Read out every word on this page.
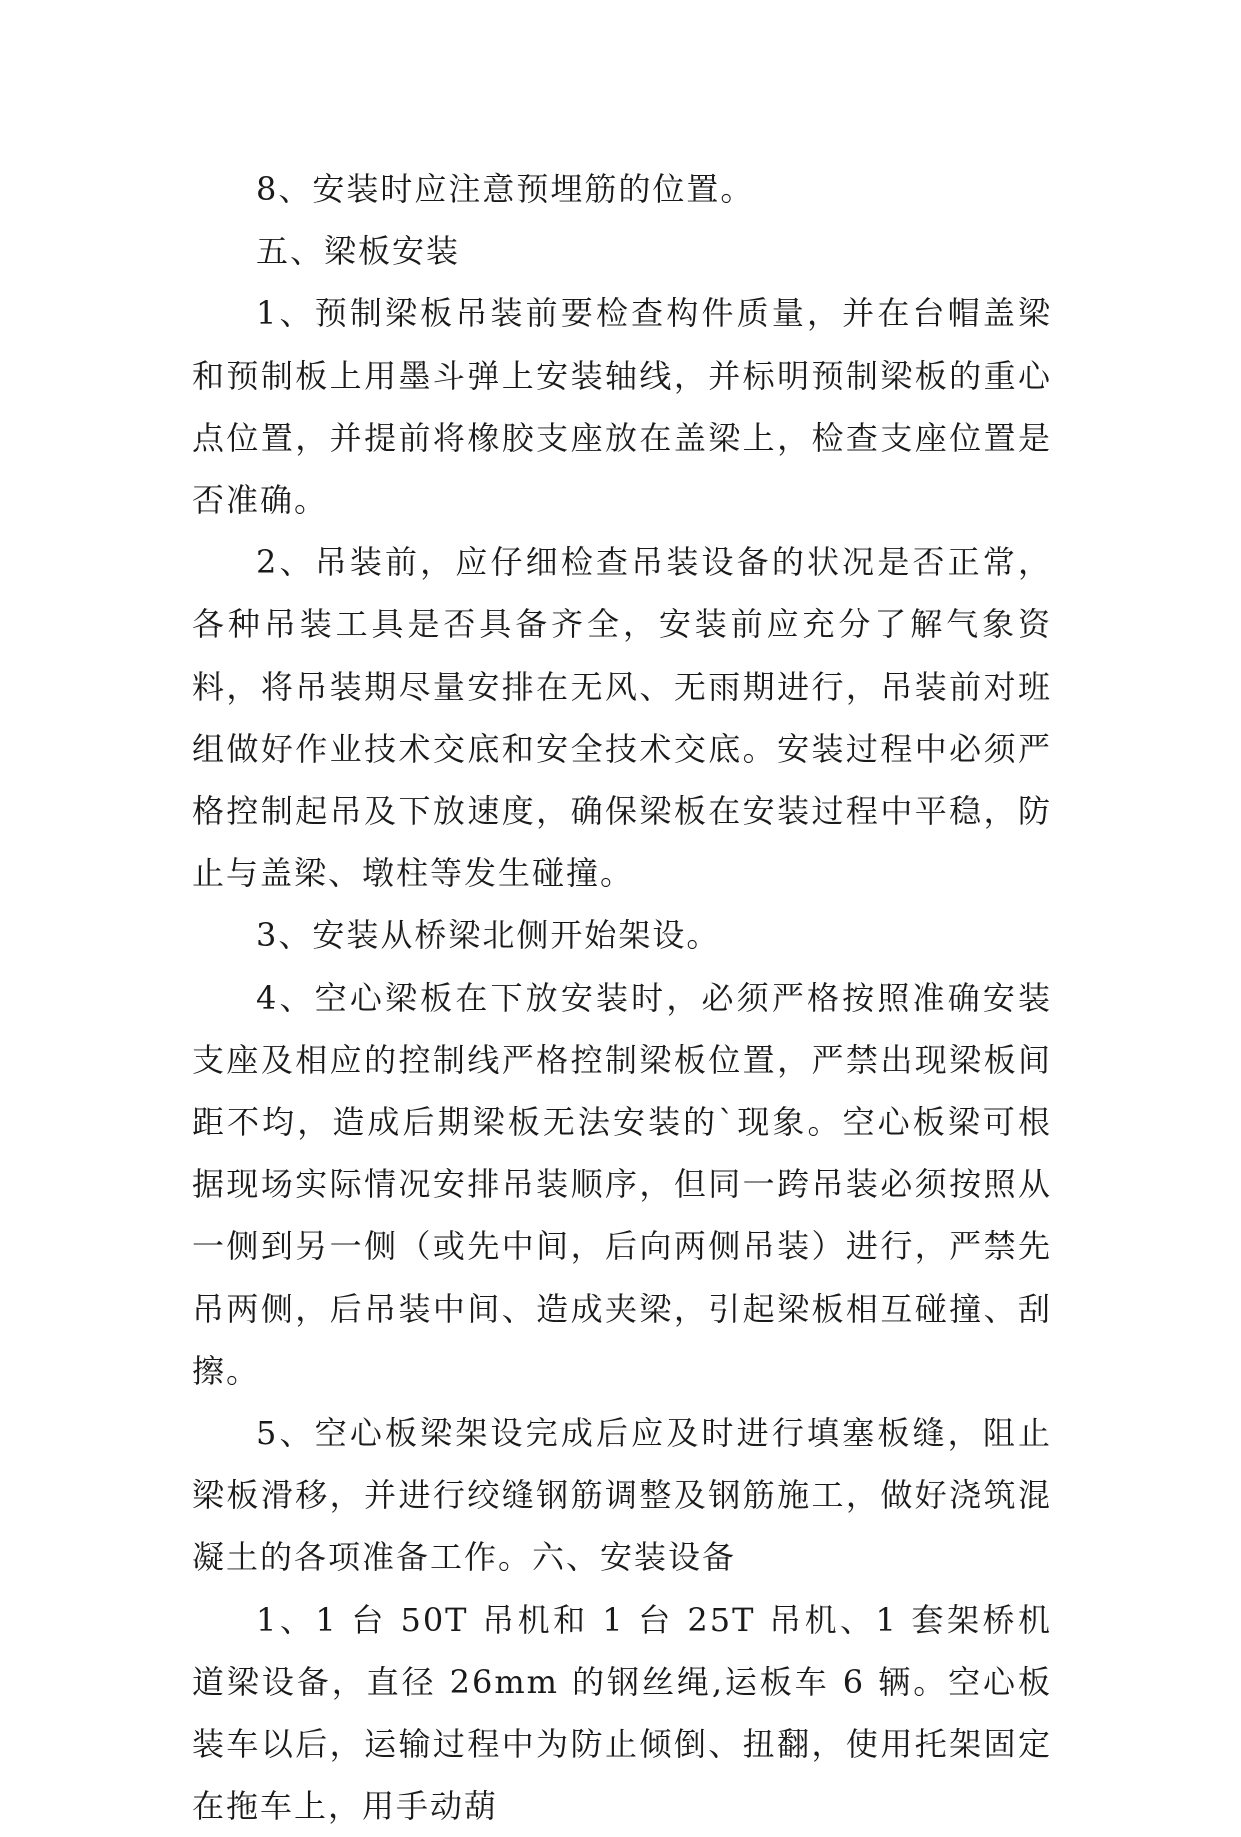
8、安装时应注意预埋筋的位置。

五、梁板安装

1、预制梁板吊装前要检查构件质量，并在台帽盖梁和预制板上用墨斗弹上安装轴线，并标明预制梁板的重心点位置，并提前将橡胶支座放在盖梁上，检查支座位置是否准确。

2、吊装前，应仔细检查吊装设备的状况是否正常，各种吊装工具是否具备齐全，安装前应充分了解气象资料，将吊装期尽量安排在无风、无雨期进行，吊装前对班组做好作业技术交底和安全技术交底。安装过程中必须严格控制起吊及下放速度，确保梁板在安装过程中平稳，防止与盖梁、墩柱等发生碰撞。

3、安装从桥梁北侧开始架设。

4、空心梁板在下放安装时，必须严格按照准确安装支座及相应的控制线严格控制梁板位置，严禁出现梁板间距不均，造成后期梁板无法安装的`现象。空心板梁可根据现场实际情况安排吊装顺序，但同一跨吊装必须按照从一侧到另一侧（或先中间，后向两侧吊装）进行，严禁先吊两侧，后吊装中间、造成夹梁，引起梁板相互碰撞、刮擦。

5、空心板梁架设完成后应及时进行填塞板缝，阻止梁板滑移，并进行绞缝钢筋调整及钢筋施工，做好浇筑混凝土的各项准备工作。六、安装设备

1、1 台 50T 吊机和 1 台 25T 吊机、1 套架桥机道梁设备，直径 26mm 的钢丝绳,运板车 6 辆。空心板装车以后，运输过程中为防止倾倒、扭翻，使用托架固定在拖车上，用手动葫
